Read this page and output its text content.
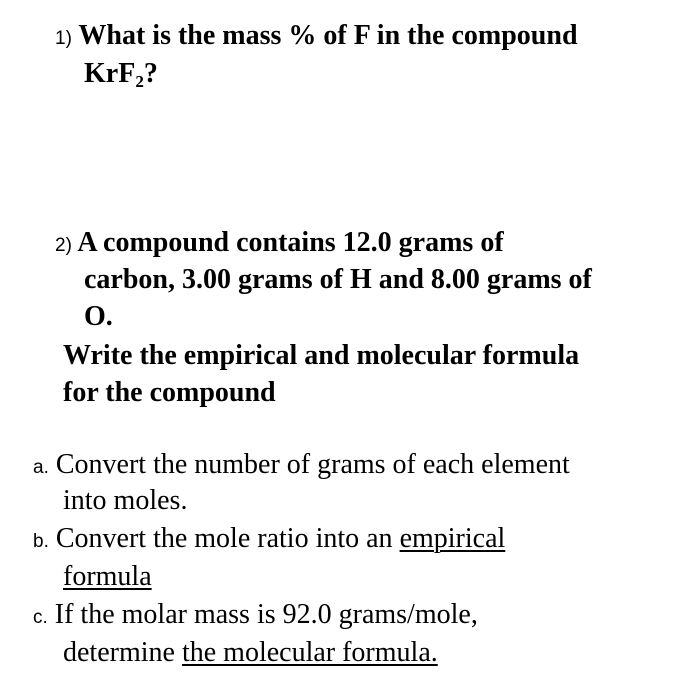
1) What is the mass % of F in the compound
KrF$_2$?
2) A compound contains 12.0 grams of
carbon, 3.00 grams of H and 8.00 grams of
O.
Write the empirical and molecular formula
for the compound
a. Convert the number of grams of each element
into moles.
b. Convert the mole ratio into an empirical
formula
c. If the molar mass is 92.0 grams/mole,
determine the molecular formula.
